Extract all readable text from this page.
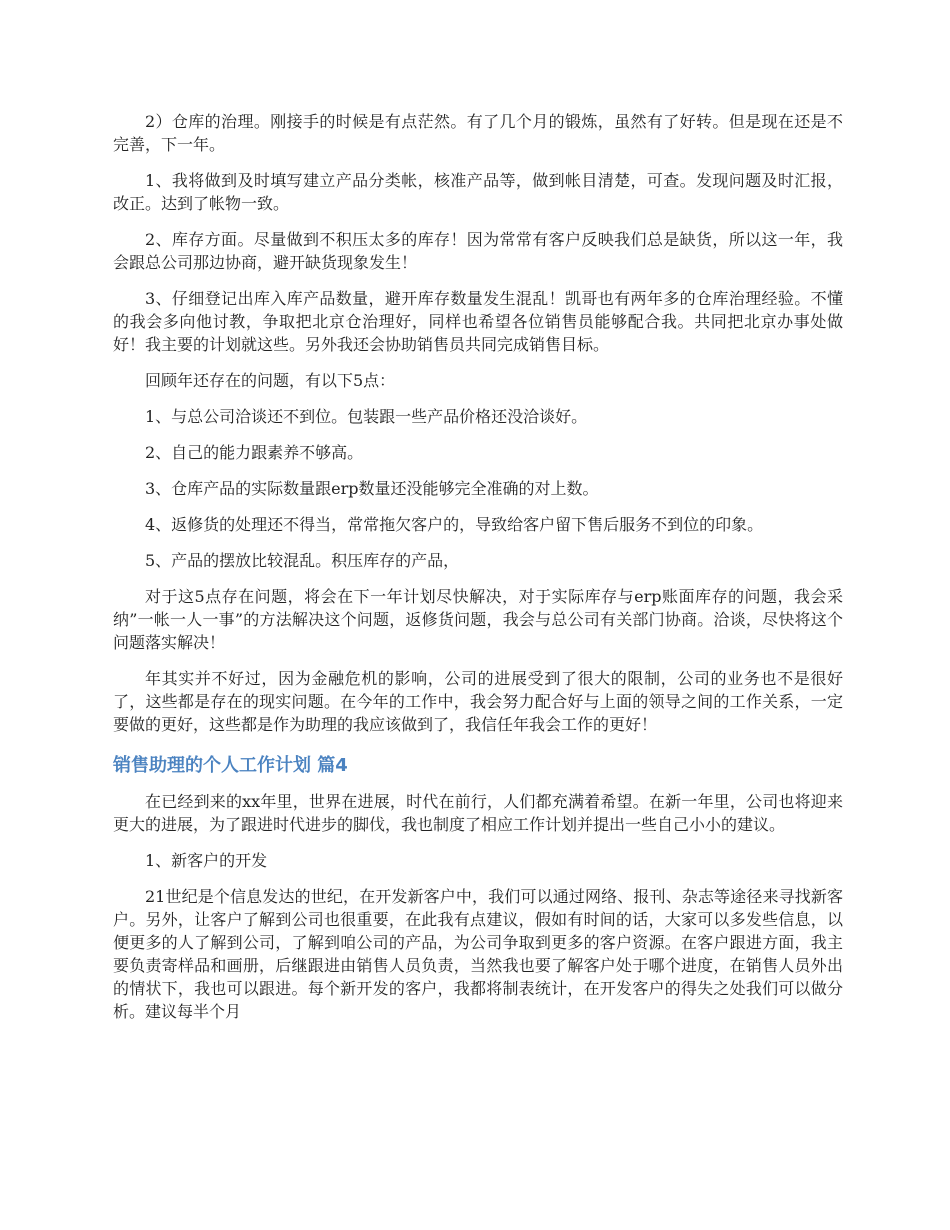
2）仓库的治理。刚接手的时候是有点茫然。有了几个月的锻炼，虽然有了好转。但是现在还是不完善，下一年。

1、我将做到及时填写建立产品分类帐，核准产品等，做到帐目清楚，可查。发现问题及时汇报，改正。达到了帐物一致。

2、库存方面。尽量做到不积压太多的库存！因为常常有客户反映我们总是缺货，所以这一年，我会跟总公司那边协商，避开缺货现象发生！

3、仔细登记出库入库产品数量，避开库存数量发生混乱！凯哥也有两年多的仓库治理经验。不懂的我会多向他讨教，争取把北京仓治理好，同样也希望各位销售员能够配合我。共同把北京办事处做好！我主要的计划就这些。另外我还会协助销售员共同完成销售目标。

回顾年还存在的问题，有以下5点：

1、与总公司洽谈还不到位。包装跟一些产品价格还没洽谈好。

2、自己的能力跟素养不够高。

3、仓库产品的实际数量跟erp数量还没能够完全准确的对上数。

4、返修货的处理还不得当，常常拖欠客户的，导致给客户留下售后服务不到位的印象。

5、产品的摆放比较混乱。积压库存的产品，

对于这5点存在问题，将会在下一年计划尽快解决，对于实际库存与erp账面库存的问题，我会采纳”一帐一人一事”的方法解决这个问题，返修货问题，我会与总公司有关部门协商。洽谈，尽快将这个问题落实解决！

年其实并不好过，因为金融危机的影响，公司的进展受到了很大的限制，公司的业务也不是很好了，这些都是存在的现实问题。在今年的工作中，我会努力配合好与上面的领导之间的工作关系，一定要做的更好，这些都是作为助理的我应该做到了，我信任年我会工作的更好！

销售助理的个人工作计划 篇4

在已经到来的xx年里，世界在进展，时代在前行，人们都充满着希望。在新一年里，公司也将迎来更大的进展，为了跟进时代进步的脚伐，我也制度了相应工作计划并提出一些自己小小的建议。

1、新客户的开发

21世纪是个信息发达的世纪，在开发新客户中，我们可以通过网络、报刊、杂志等途径来寻找新客户。另外，让客户了解到公司也很重要，在此我有点建议，假如有时间的话，大家可以多发些信息，以便更多的人了解到公司，了解到咱公司的产品，为公司争取到更多的客户资源。在客户跟进方面，我主要负责寄样品和画册，后继跟进由销售人员负责，当然我也要了解客户处于哪个进度，在销售人员外出的情状下，我也可以跟进。每个新开发的客户，我都将制表统计，在开发客户的得失之处我们可以做分析。建议每半个月
